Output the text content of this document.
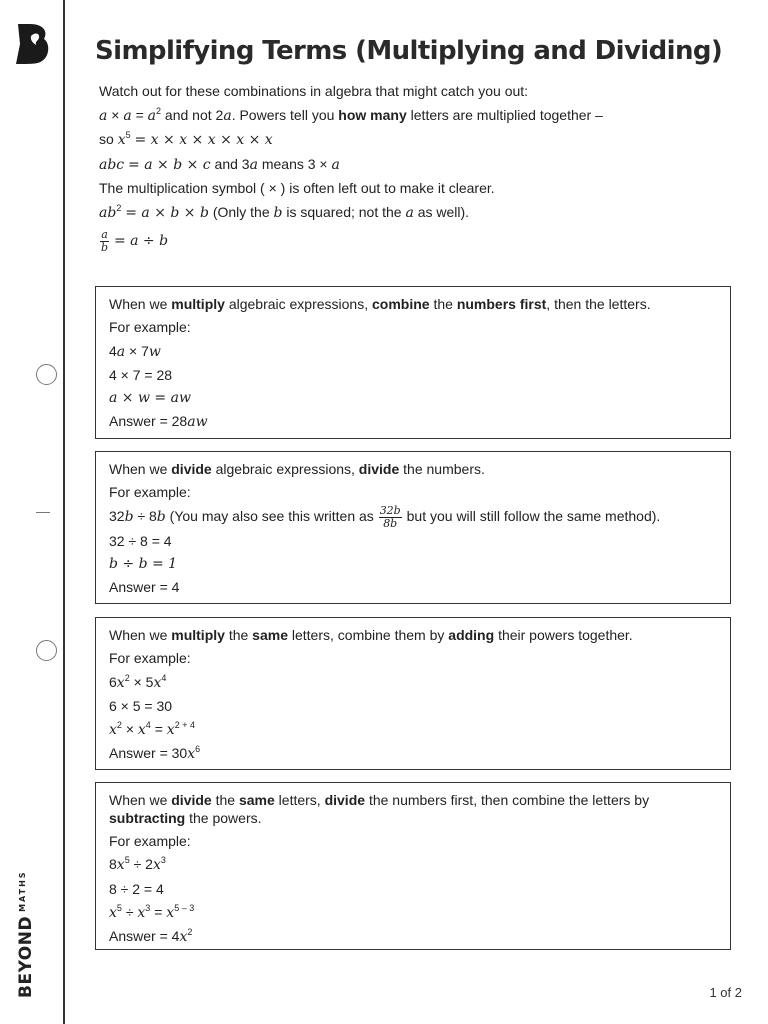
$BEYOND^{MATHS}$
Simplifying Terms (Multiplying and Dividing)
Watch out for these combinations in algebra that might catch you out:
$a \times a = a^2$ and not 2a. Powers tell you how many letters are multiplied together –
so $x^5 = x \times x \times x \times x \times x$
abc = a × b × c and 3a means 3 × a
The multiplication symbol ( × ) is often left out to make it clearer.
$ab^2 = a \times b \times b$ (Only the b is squared; not the a as well).
$\frac{a}{b} = a \div b$
When we multiply algebraic expressions, combine the numbers first, then the letters.
For example:
4a × 7w
4 × 7 = 28
a × w = aw
Answer = 28aw
When we divide algebraic expressions, divide the numbers.
For example:
32b ÷ 8b (You may also see this written as $\frac{32b}{8b}$ but you will still follow the same method).
32 ÷ 8 = 4
b ÷ b = 1
Answer = 4
When we multiply the same letters, combine them by adding their powers together.
For example:
$6x^2 \times 5x^4$
6 × 5 = 30
$x^2 \times x^4 = x^{2 + 4}$
Answer = $30x^6$
When we divide the same letters, divide the numbers first, then combine the letters by subtracting the powers.
For example:
$8x^5 \div 2x^3$
8 ÷ 2 = 4
$x^5 \div x^3 = x^{5 - 3}$
Answer = $4x^2$
1 of 2
